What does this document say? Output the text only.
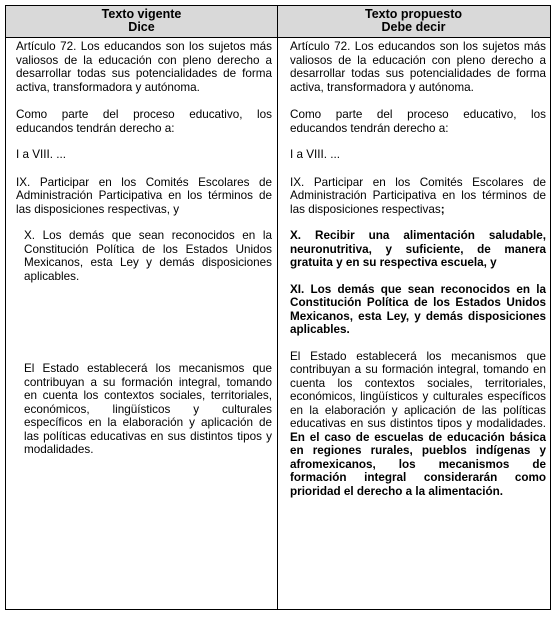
Texto vigente
Dice
Texto propuesto
Debe decir

Artículo 72. Los educandos son los sujetos más valiosos de la educación con pleno derecho a desarrollar todas sus potencialidades de forma activa, transformadora y autónoma.

Como parte del proceso educativo, los educandos tendrán derecho a:

I a VIII. ...

IX. Participar en los Comités Escolares de Administración Participativa en los términos de las disposiciones respectivas, y

X. Los demás que sean reconocidos en la Constitución Política de los Estados Unidos Mexicanos, esta Ley y demás disposiciones aplicables.

El Estado establecerá los mecanismos que contribuyan a su formación integral, tomando en cuenta los contextos sociales, territoriales, económicos, lingüísticos y culturales específicos en la elaboración y aplicación de las políticas educativas en sus distintos tipos y modalidades.

Artículo 72. Los educandos son los sujetos más valiosos de la educación con pleno derecho a desarrollar todas sus potencialidades de forma activa, transformadora y autónoma.

Como parte del proceso educativo, los educandos tendrán derecho a:

I a VIII. ...

IX. Participar en los Comités Escolares de Administración Participativa en los términos de las disposiciones respectivas;

X. Recibir una alimentación saludable, neuronutritiva, y suficiente, de manera gratuita y en su respectiva escuela, y

XI. Los demás que sean reconocidos en la Constitución Política de los Estados Unidos Mexicanos, esta Ley, y demás disposiciones aplicables.

El Estado establecerá los mecanismos que contribuyan a su formación integral, tomando en cuenta los contextos sociales, territoriales, económicos, lingüísticos y culturales específicos en la elaboración y aplicación de las políticas educativas en sus distintos tipos y modalidades. En el caso de escuelas de educación básica en regiones rurales, pueblos indígenas y afromexicanos, los mecanismos de formación integral considerarán como prioridad el derecho a la alimentación.
